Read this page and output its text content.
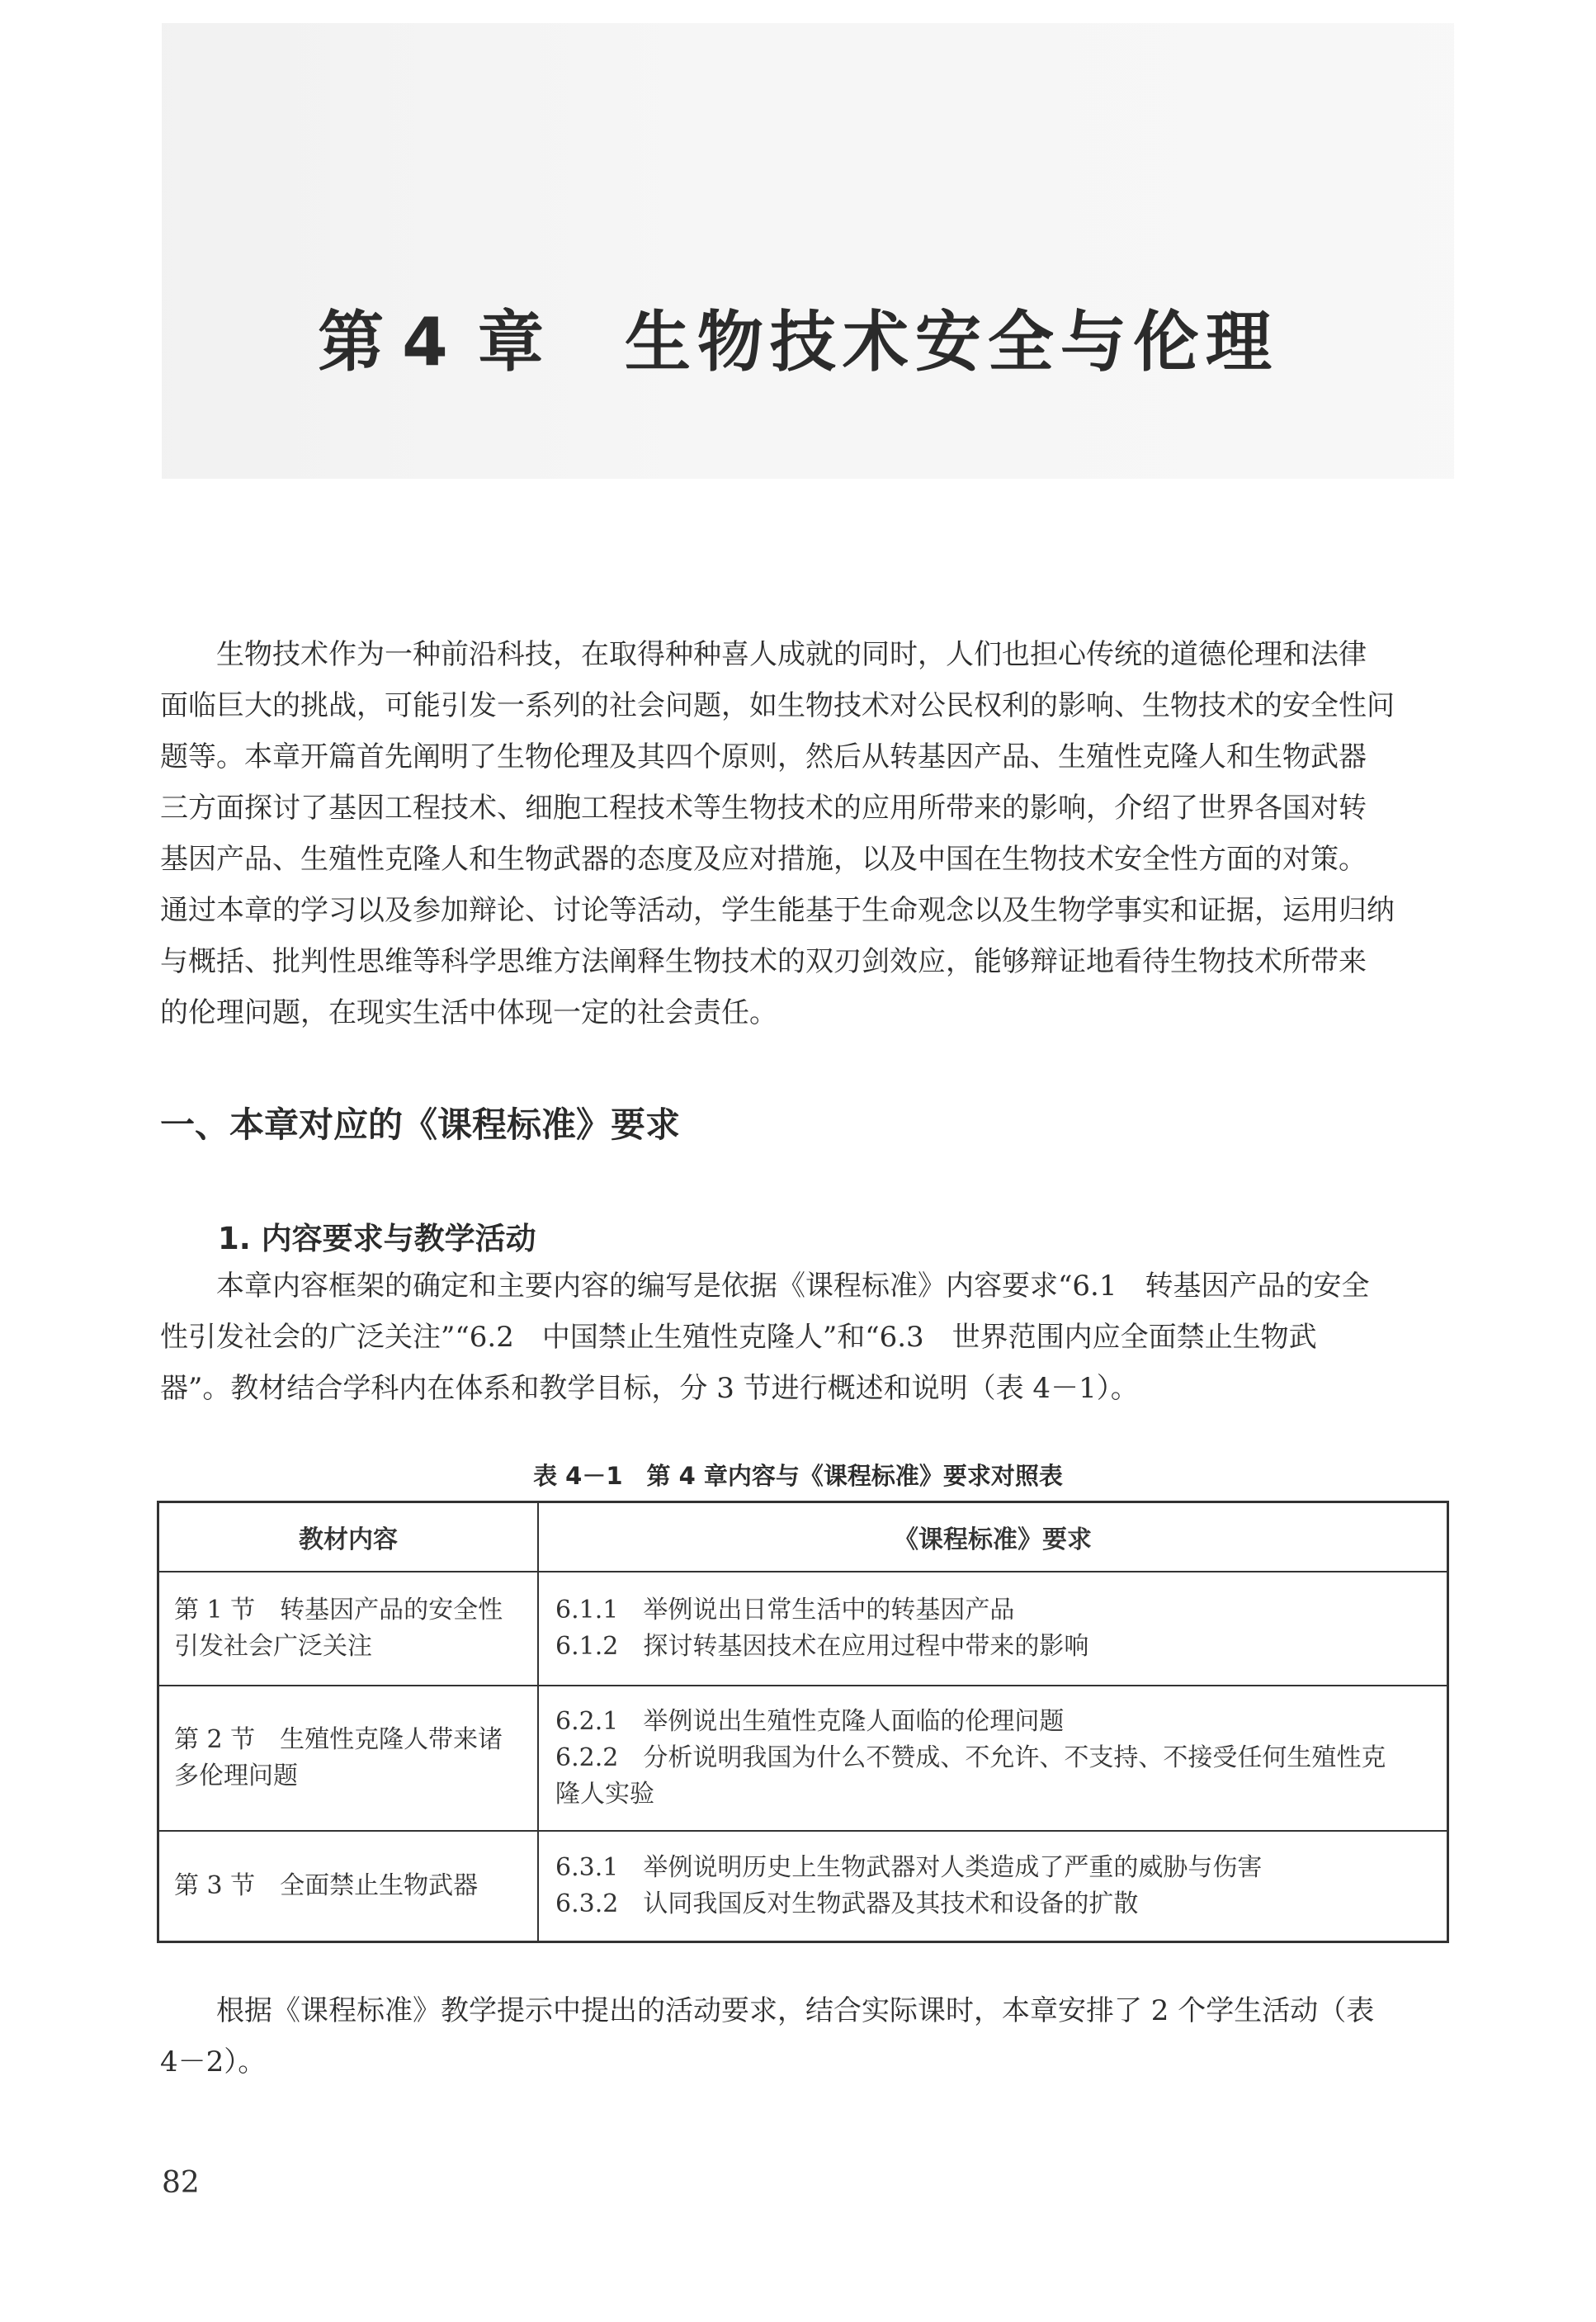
第 4 章 生物技术安全与伦理
生物技术作为一种前沿科技，在取得种种喜人成就的同时，人们也担心传统的道德伦理和法律
面临巨大的挑战，可能引发一系列的社会问题，如生物技术对公民权利的影响、生物技术的安全性问
题等。本章开篇首先阐明了生物伦理及其四个原则，然后从转基因产品、生殖性克隆人和生物武器
三方面探讨了基因工程技术、细胞工程技术等生物技术的应用所带来的影响，介绍了世界各国对转
基因产品、生殖性克隆人和生物武器的态度及应对措施，以及中国在生物技术安全性方面的对策。
通过本章的学习以及参加辩论、讨论等活动，学生能基于生命观念以及生物学事实和证据，运用归纳
与概括、批判性思维等科学思维方法阐释生物技术的双刃剑效应，能够辩证地看待生物技术所带来
的伦理问题，在现实生活中体现一定的社会责任。
一、本章对应的《课程标准》要求
1. 内容要求与教学活动
本章内容框架的确定和主要内容的编写是依据《课程标准》内容要求“6.1　转基因产品的安全
性引发社会的广泛关注”“6.2　中国禁止生殖性克隆人”和“6.3　世界范围内应全面禁止生物武
器”。教材结合学科内在体系和教学目标，分 3 节进行概述和说明（表 4－1）。
表 4－1　第 4 章内容与《课程标准》要求对照表
教材内容	《课程标准》要求

第 1 节　转基因产品的安全性
引发社会广泛关注	6.1.1　举例说出日常生活中的转基因产品
6.1.2　探讨转基因技术在应用过程中带来的影响

第 2 节　生殖性克隆人带来诸
多伦理问题	6.2.1　举例说出生殖性克隆人面临的伦理问题
6.2.2　分析说明我国为什么不赞成、不允许、不支持、不接受任何生殖性克
隆人实验

第 3 节　全面禁止生物武器	6.3.1　举例说明历史上生物武器对人类造成了严重的威胁与伤害
6.3.2　认同我国反对生物武器及其技术和设备的扩散
根据《课程标准》教学提示中提出的活动要求，结合实际课时，本章安排了 2 个学生活动（表
4－2）。
82
